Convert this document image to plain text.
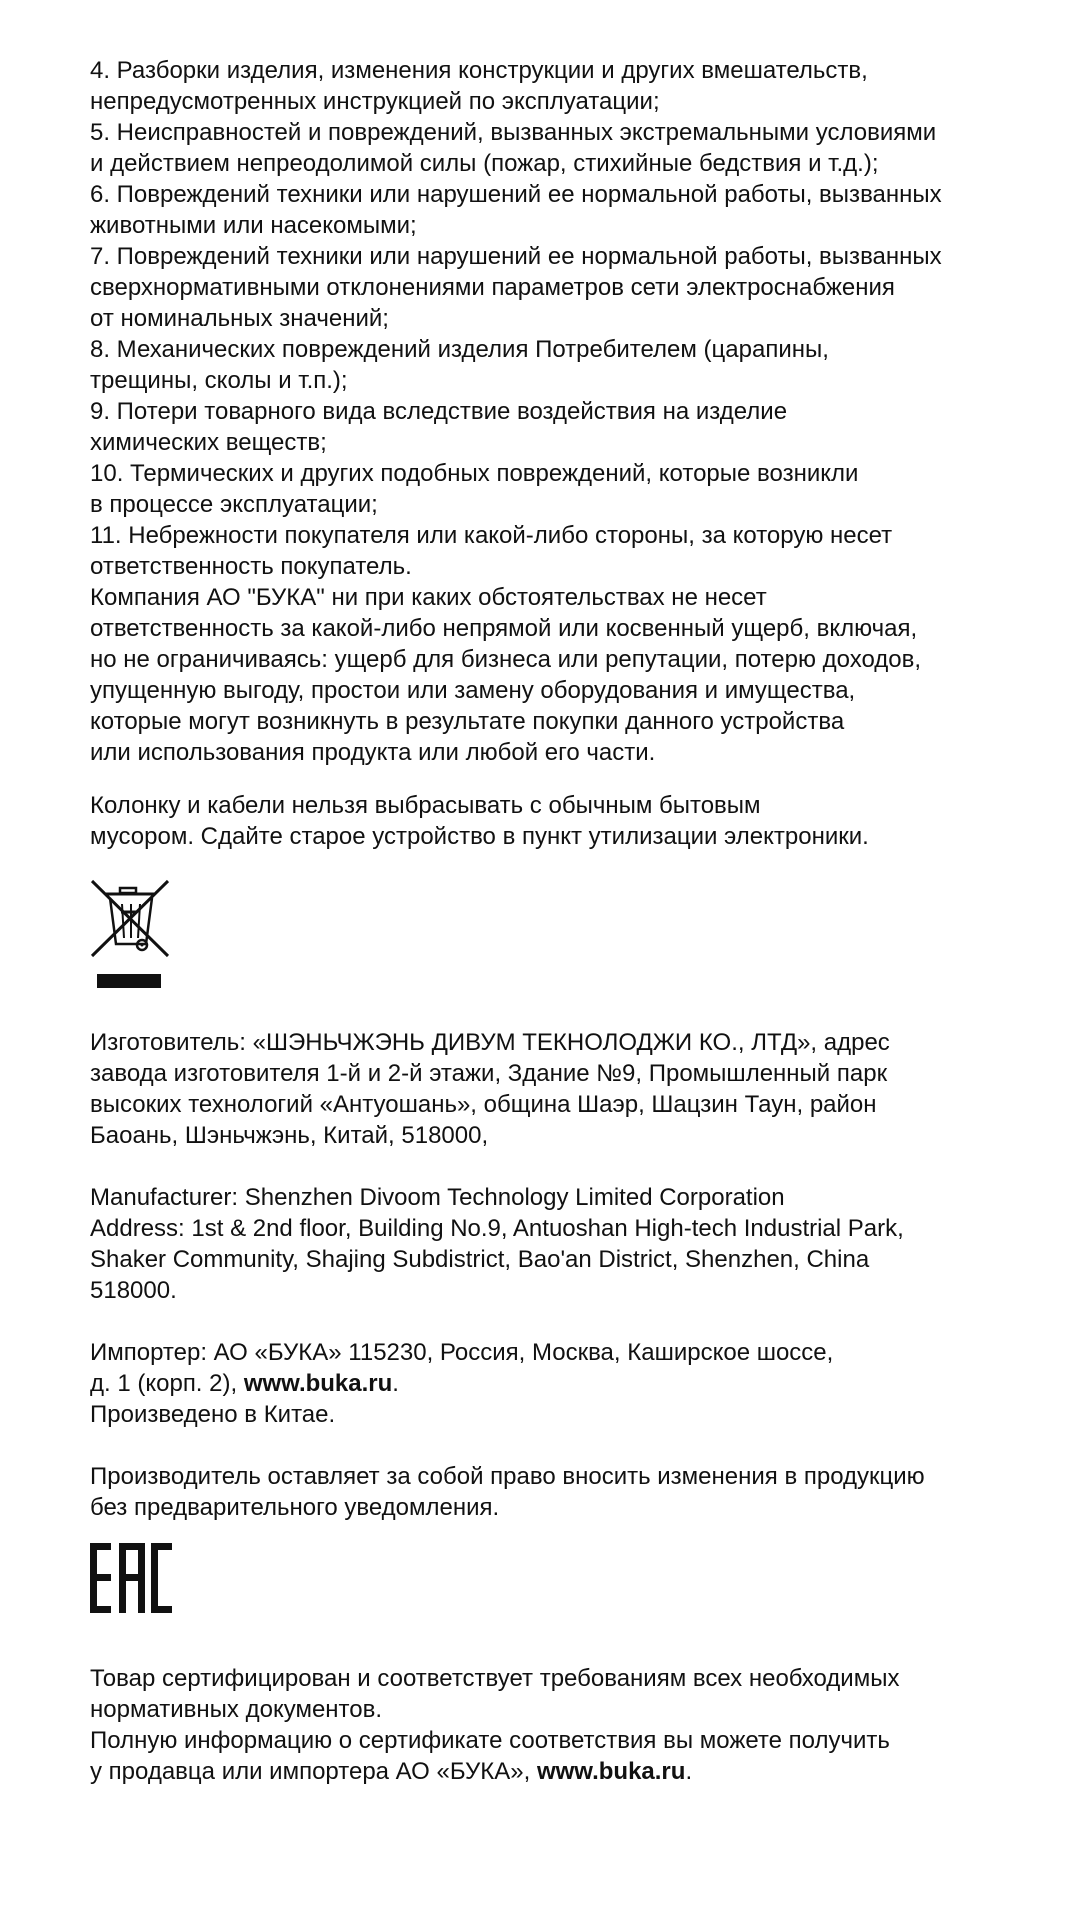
4. Разборки изделия, изменения конструкции и других вмешательств,
непредусмотренных инструкцией по эксплуатации;
5. Неисправностей и повреждений, вызванных экстремальными условиями
и действием непреодолимой силы (пожар, стихийные бедствия и т.д.);
6. Повреждений техники или нарушений ее нормальной работы, вызванных
животными или насекомыми;
7. Повреждений техники или нарушений ее нормальной работы, вызванных
сверхнормативными отклонениями параметров сети электроснабжения
от номинальных значений;
8. Механических повреждений изделия Потребителем (царапины,
трещины, сколы и т.п.);
9. Потери товарного вида вследствие воздействия на изделие
химических веществ;
10. Термических и других подобных повреждений, которые возникли
в процессе эксплуатации;
11. Небрежности покупателя или какой-либо стороны, за которую несет
ответственность покупатель.
Компания АО "БУКА" ни при каких обстоятельствах не несет
ответственность за какой-либо непрямой или косвенный ущерб, включая,
но не ограничиваясь: ущерб для бизнеса или репутации, потерю доходов,
упущенную выгоду, простои или замену оборудования и имущества,
которые могут возникнуть в результате покупки данного устройства
или использования продукта или любой его части.
Колонку и кабели нельзя выбрасывать с обычным бытовым
мусором. Сдайте старое устройство в пункт утилизации электроники.
Изготовитель: «ШЭНЬЧЖЭНЬ ДИВУМ ТЕКНОЛОДЖИ КО., ЛТД», адрес
завода изготовителя 1-й и 2-й этажи, Здание №9, Промышленный парк
высоких технологий «Антуошань», община Шаэр, Шацзин Таун, район
Баоань, Шэньчжэнь, Китай, 518000,
Manufacturer: Shenzhen Divoom Technology Limited Corporation
Address: 1st & 2nd floor, Building No.9, Antuoshan High-tech Industrial Park,
Shaker Community, Shajing Subdistrict, Bao'an District, Shenzhen, China
518000.
Импортер: АО «БУКА» 115230, Россия, Москва, Каширское шоссе,
д. 1 (корп. 2), www.buka.ru.
Произведено в Китае.
Производитель оставляет за собой право вносить изменения в продукцию
без предварительного уведомления.
Товар сертифицирован и соответствует требованиям всех необходимых
нормативных документов.
Полную информацию о сертификате соответствия вы можете получить
у продавца или импортера АО «БУКА», www.buka.ru.
